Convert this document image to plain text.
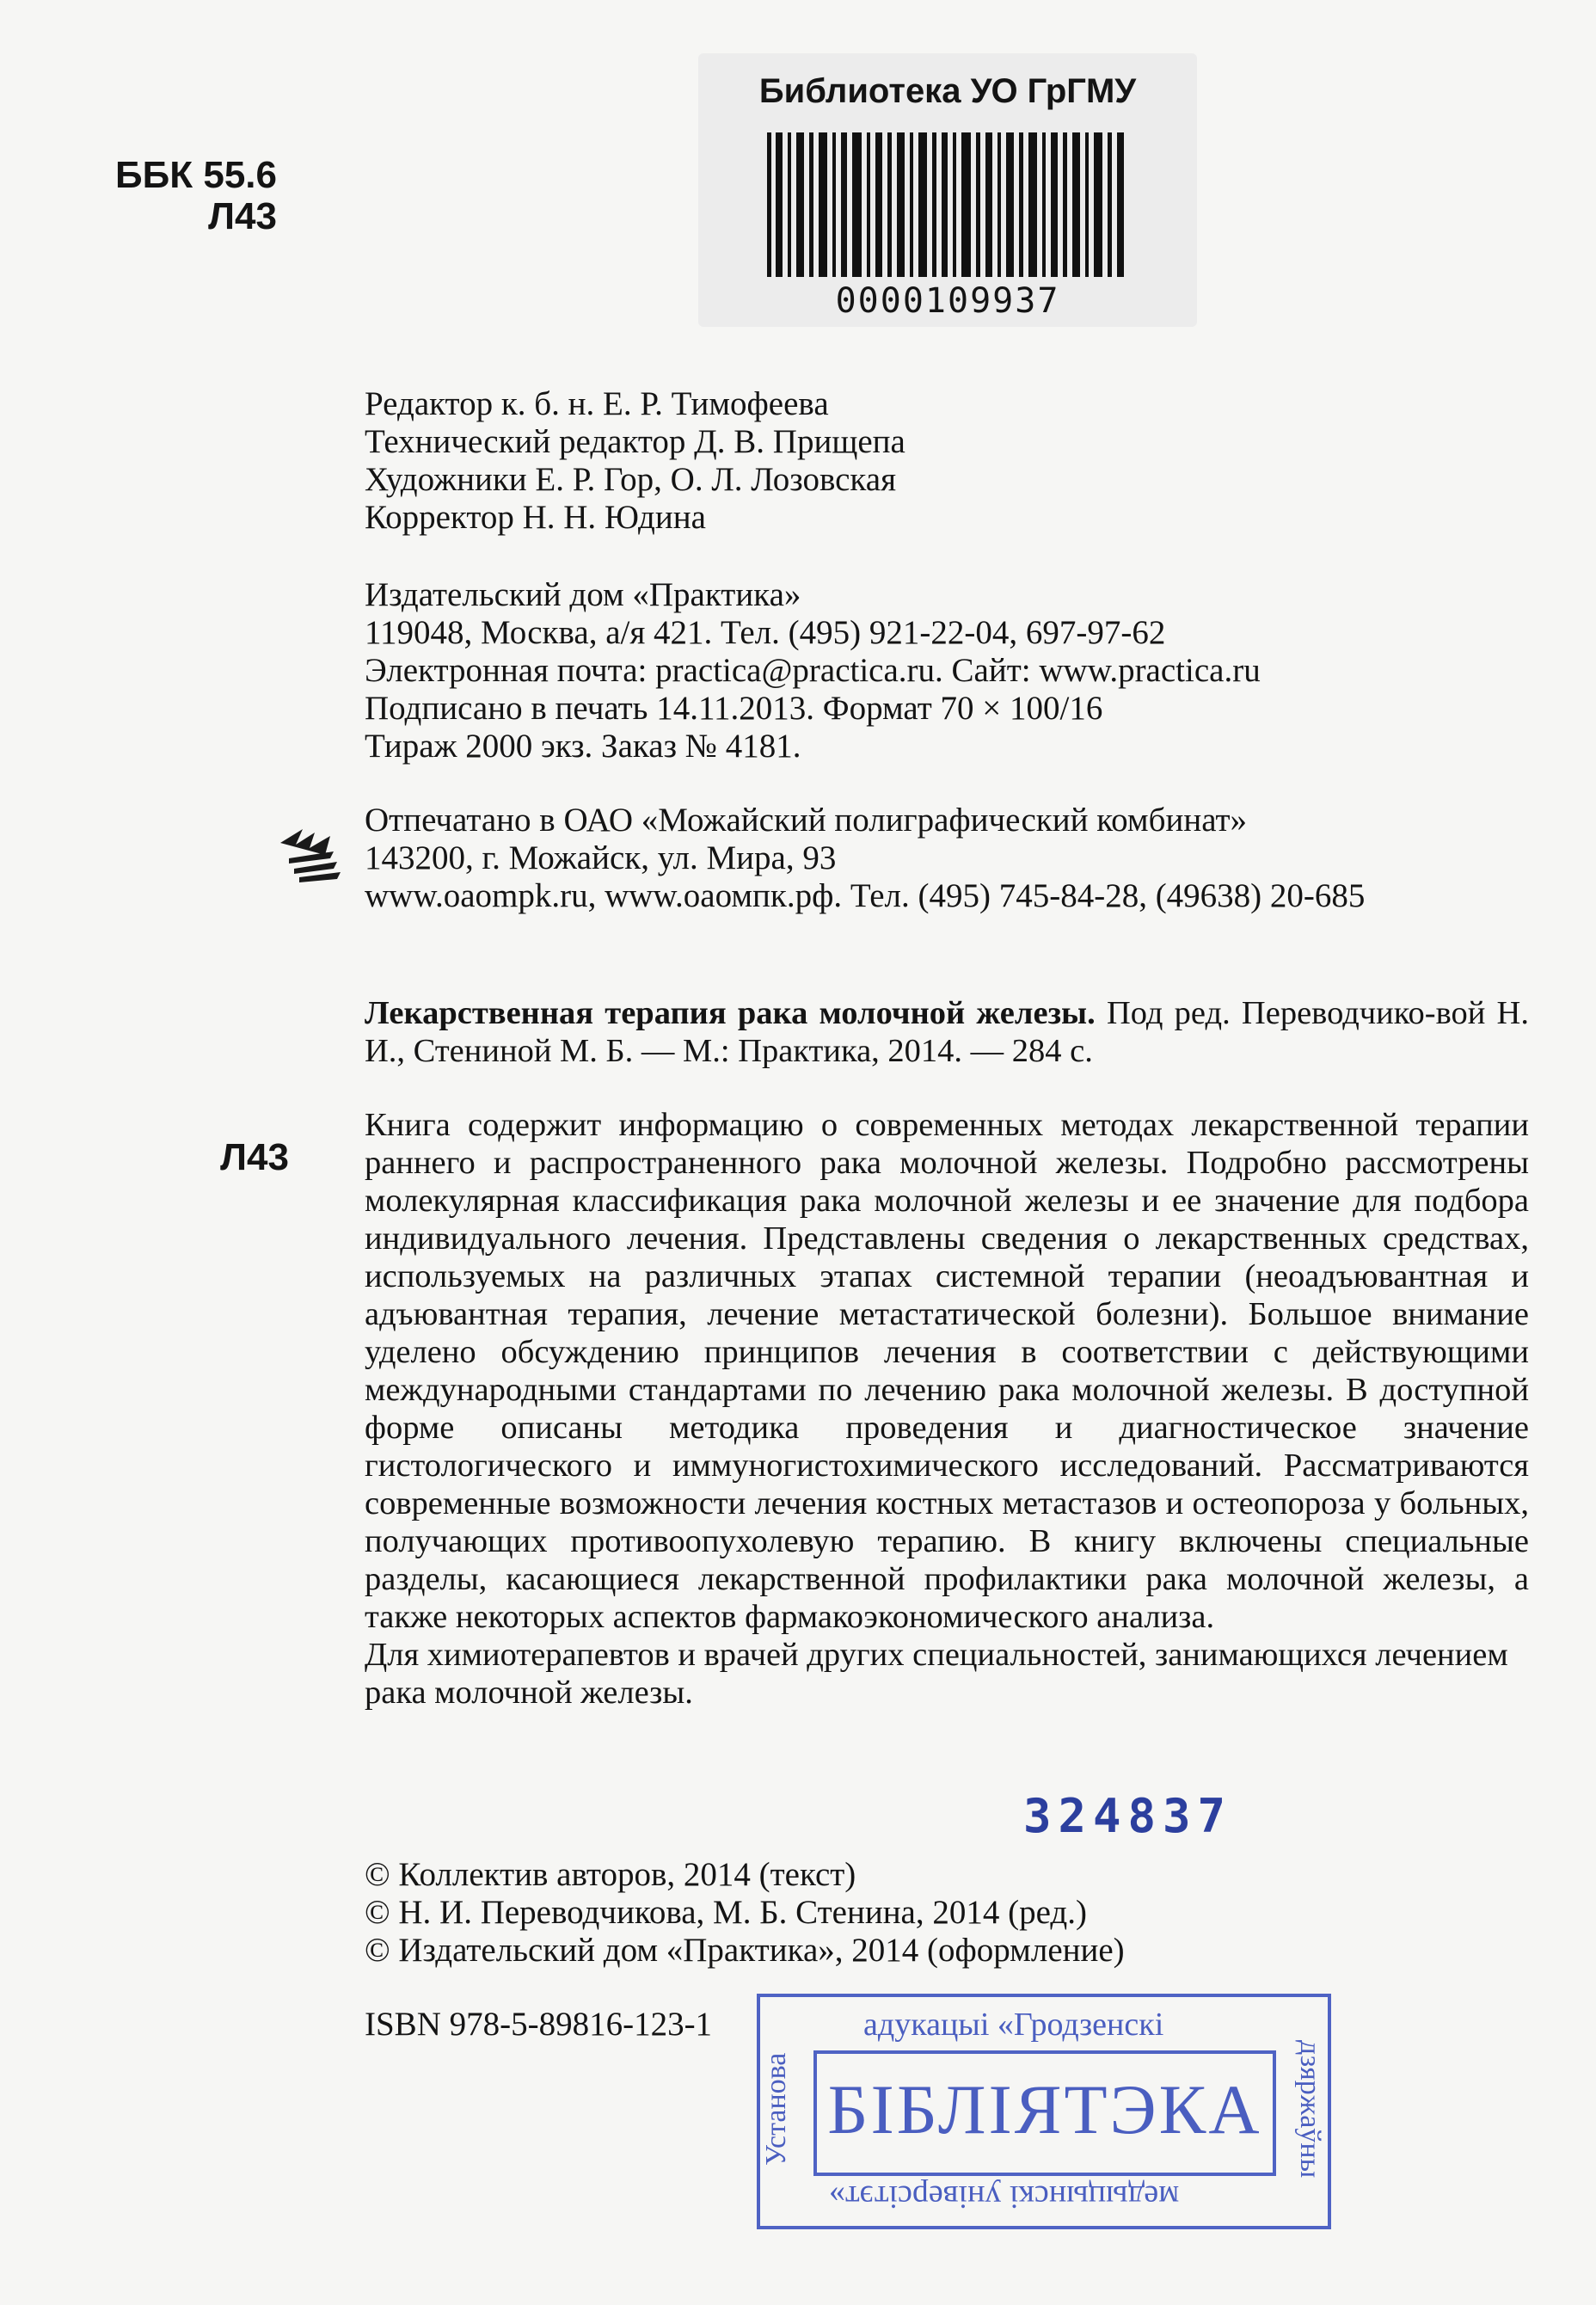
ББК 55.6
Л43
Л43
Библиотека УО ГрГМУ
0000109937
Редактор к. б. н. Е. Р. Тимофеева
Технический редактор Д. В. Прищепа
Художники Е. Р. Гор, О. Л. Лозовская
Корректор Н. Н. Юдина
Издательский дом «Практика»
119048, Москва, а/я 421. Тел. (495) 921-22-04, 697-97-62
Электронная почта: practica@practica.ru. Сайт: www.practica.ru
Подписано в печать 14.11.2013. Формат 70 × 100/16
Тираж 2000 экз. Заказ № 4181.
Отпечатано в ОАО «Можайский полиграфический комбинат»
143200, г. Можайск, ул. Мира, 93
www.oaompk.ru, www.оаомпк.рф. Тел. (495) 745-84-28, (49638) 20-685
Лекарственная терапия рака молочной железы. Под ред. Переводчико-вой Н. И., Стениной М. Б. — М.: Практика, 2014. — 284 с.

Книга содержит информацию о современных методах лекарственной терапии раннего и распространенного рака молочной железы. Подробно рассмотрены молекулярная классификация рака молочной железы и ее значение для подбора индивидуального лечения. Представлены сведения о лекарственных средствах, используемых на различных этапах системной терапии (неоадъювантная и адъювантная терапия, лечение метастатической болезни). Большое внимание уделено обсуждению принципов лечения в соответствии с действующими международными стандартами по лечению рака молочной железы. В доступной форме описаны методика проведения и диагностическое значение гистологического и иммуногистохимического исследований. Рассматриваются современные возможности лечения костных метастазов и остеопороза у больных, получающих противоопухолевую терапию. В книгу включены специальные разделы, касающиеся лекарственной профилактики рака молочной железы, а также некоторых аспектов фармакоэкономического анализа.

Для химиотерапевтов и врачей других специальностей, занимающихся лечением рака молочной железы.

324837
© Коллектив авторов, 2014 (текст)
© Н. И. Переводчикова, М. Б. Стенина, 2014 (ред.)
© Издательский дом «Практика», 2014 (оформление)
ISBN 978-5-89816-123-1	адукацыі «Гродзенскі
Установа	дзяржаўны
БІБЛІЯТЭКА
медыцынскі універсітэт»
